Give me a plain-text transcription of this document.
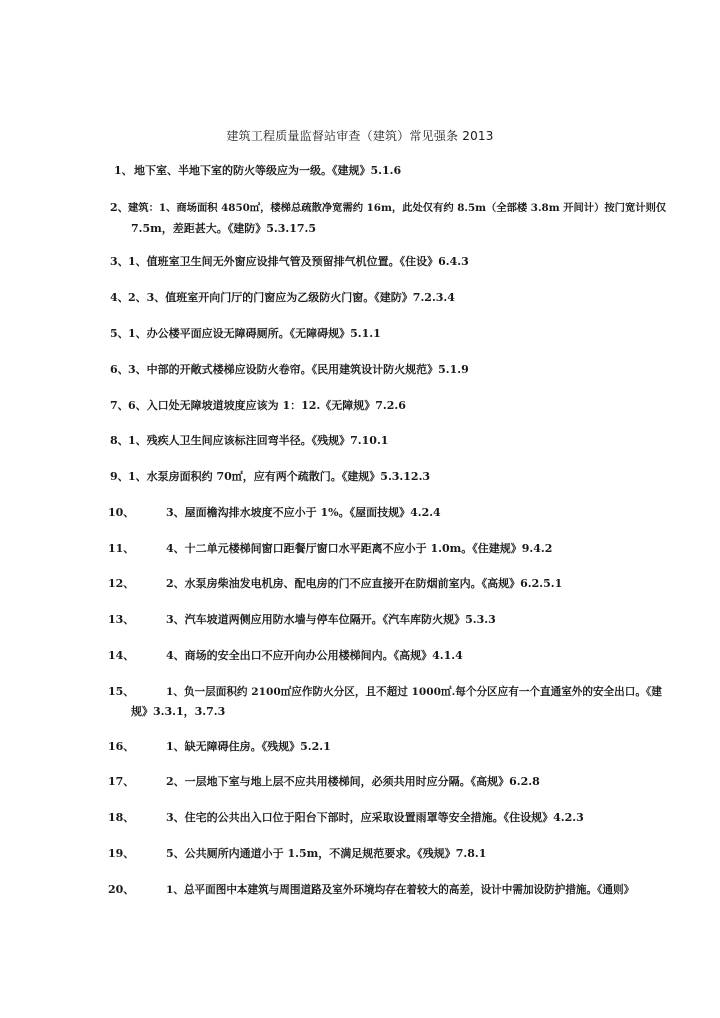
建筑工程质量监督站审查（建筑）常见强条 2013
1、 地下室、半地下室的防火等级应为一级。《建规》5.1.6
2、 建筑：1、商场面积 4850㎡，楼梯总疏散净宽需约 16m，此处仅有约 8.5m（全部楼 3.8m 开间计）按门宽计则仅
7.5m，差距甚大。《建防》5.3.17.5
3、 1、值班室卫生间无外窗应设排气管及预留排气机位置。《住设》6.4.3
4、 2、3、值班室开向门厅的门窗应为乙级防火门窗。《建防》7.2.3.4
5、 1、办公楼平面应设无障碍厕所。《无障碍规》5.1.1
6、 3、中部的开敞式楼梯应设防火卷帘。《民用建筑设计防火规范》5.1.9
7、 6、入口处无障坡道坡度应该为 1：12.《无障规》7.2.6
8、 1、残疾人卫生间应该标注回弯半径。《残规》7.10.1
9、 1、水泵房面积约 70㎡，应有两个疏散门。《建规》5.3.12.3
10、	3、屋面檐沟排水坡度不应小于 1%。《屋面技规》4.2.4
11、	4、十二单元楼梯间窗口距餐厅窗口水平距离不应小于 1.0m。《住建规》9.4.2
12、	2、水泵房柴油发电机房、配电房的门不应直接开在防烟前室内。《高规》6.2.5.1
13、	3、汽车坡道两侧应用防水墙与停车位隔开。《汽车库防火规》5.3.3
14、	4、商场的安全出口不应开向办公用楼梯间内。《高规》4.1.4
15、	1、负一层面积约 2100㎡应作防火分区，且不超过 1000㎡.每个分区应有一个直通室外的安全出口。《建
规》3.3.1，3.7.3
16、	1、缺无障碍住房。《残规》5.2.1
17、	2、一层地下室与地上层不应共用楼梯间，必须共用时应分隔。《高规》6.2.8
18、	3、住宅的公共出入口位于阳台下部时，应采取设置雨罩等安全措施。《住设规》4.2.3
19、	5、公共厕所内通道小于 1.5m，不满足规范要求。《残规》7.8.1
20、	1、总平面图中本建筑与周围道路及室外环境均存在着较大的高差，设计中需加设防护措施。《通则》
